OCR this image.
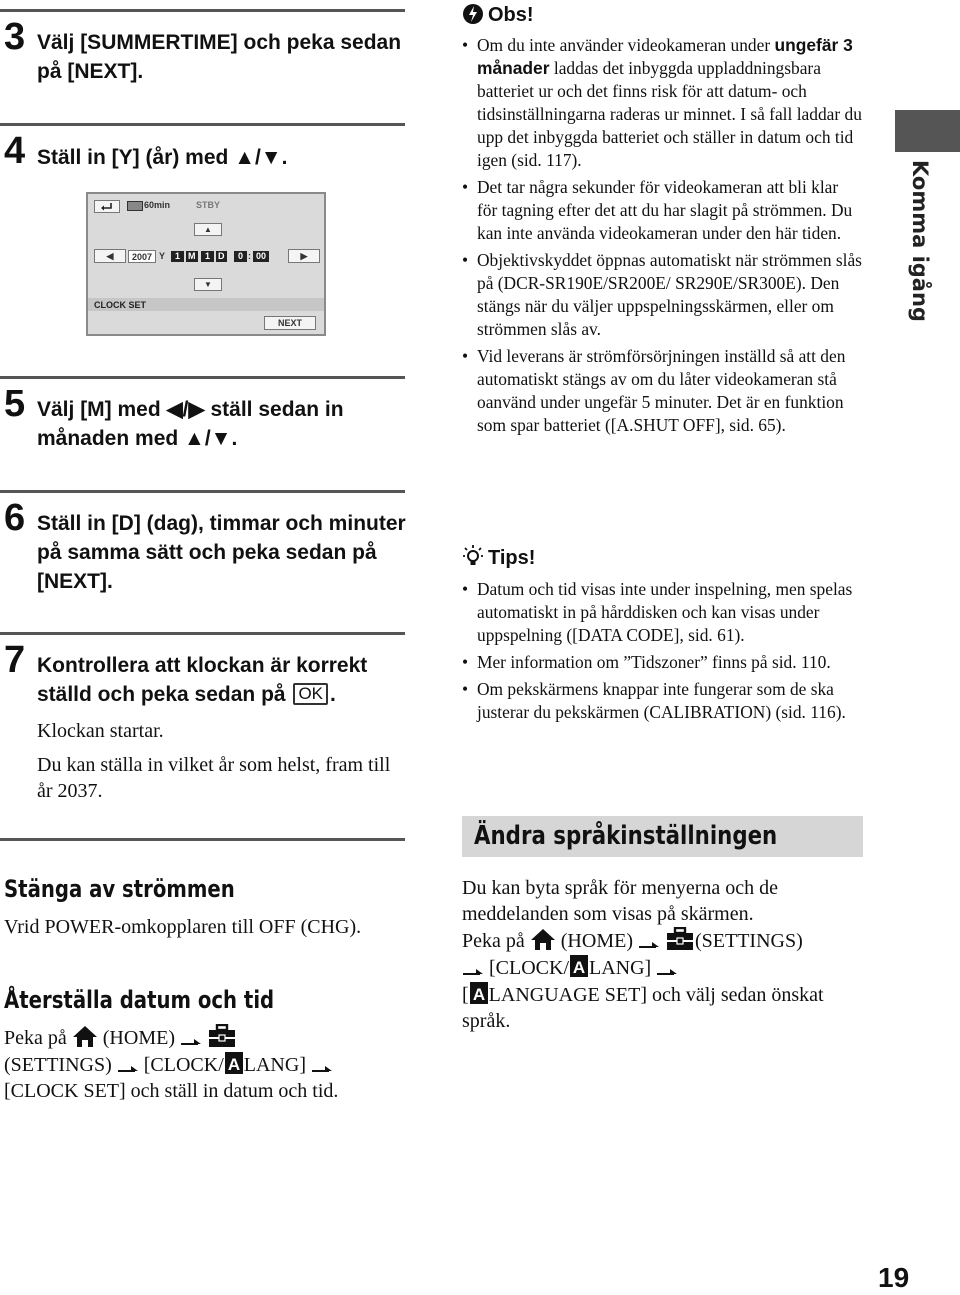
3 Välj [SUMMERTIME] och peka sedan på [NEXT].
4 Ställ in [Y] (år) med ▲/▼.
60min	STBY
◀
▲
▼
▶
2007 Y	1 M	1 D	0 : 00
CLOCK SET
NEXT
5 Välj [M] med ◀/▶ ställ sedan in månaden med ▲/▼.
6 Ställ in [D] (dag), timmar och minuter på samma sätt och peka sedan på [NEXT].
7 Kontrollera att klockan är korrekt ställd och peka sedan på OK .
Klockan startar.
Du kan ställa in vilket år som helst, fram till år 2037.
Stänga av strömmen
Vrid POWER-omkopplaren till OFF (CHG).
Återställa datum och tid
Peka på (HOME)
(SETTINGS) [CLOCK/ A LANG]
[CLOCK SET] och ställ in datum och tid.
Obs!
• Om du inte använder videokameran under ungefär 3 månader laddas det inbyggda uppladdningsbara batteriet ur och det finns risk för att datum- och tidsinställningarna raderas ur minnet. I så fall laddar du upp det inbyggda batteriet och ställer in datum och tid igen (sid. 117).
• Det tar några sekunder för videokameran att bli klar för tagning efter det att du har slagit på strömmen. Du kan inte använda videokameran under den här tiden.
• Objektivskyddet öppnas automatiskt när strömmen slås på (DCR-SR190E/SR200E/ SR290E/SR300E). Den stängs när du väljer uppspelningsskärmen, eller om strömmen slås av.
• Vid leverans är strömförsörjningen inställd så att den automatiskt stängs av om du låter videokameran stå oanvänd under ungefär 5 minuter. Det är en funktion som spar batteriet ([A.SHUT OFF], sid. 65).
Tips!
• Datum och tid visas inte under inspelning, men spelas automatiskt in på hårddisken och kan visas under uppspelning ([DATA CODE], sid. 61).
• Mer information om ”Tidszoner” finns på sid. 110.
• Om pekskärmens knappar inte fungerar som de ska justerar du pekskärmen (CALIBRATION) (sid. 116).
Ändra språkinställningen
Du kan byta språk för menyerna och de meddelanden som visas på skärmen.
Peka på (HOME)	(SETTINGS)
[CLOCK/ A LANG]
[ A LANGUAGE SET] och välj sedan önskat språk.
Komma igång
19
